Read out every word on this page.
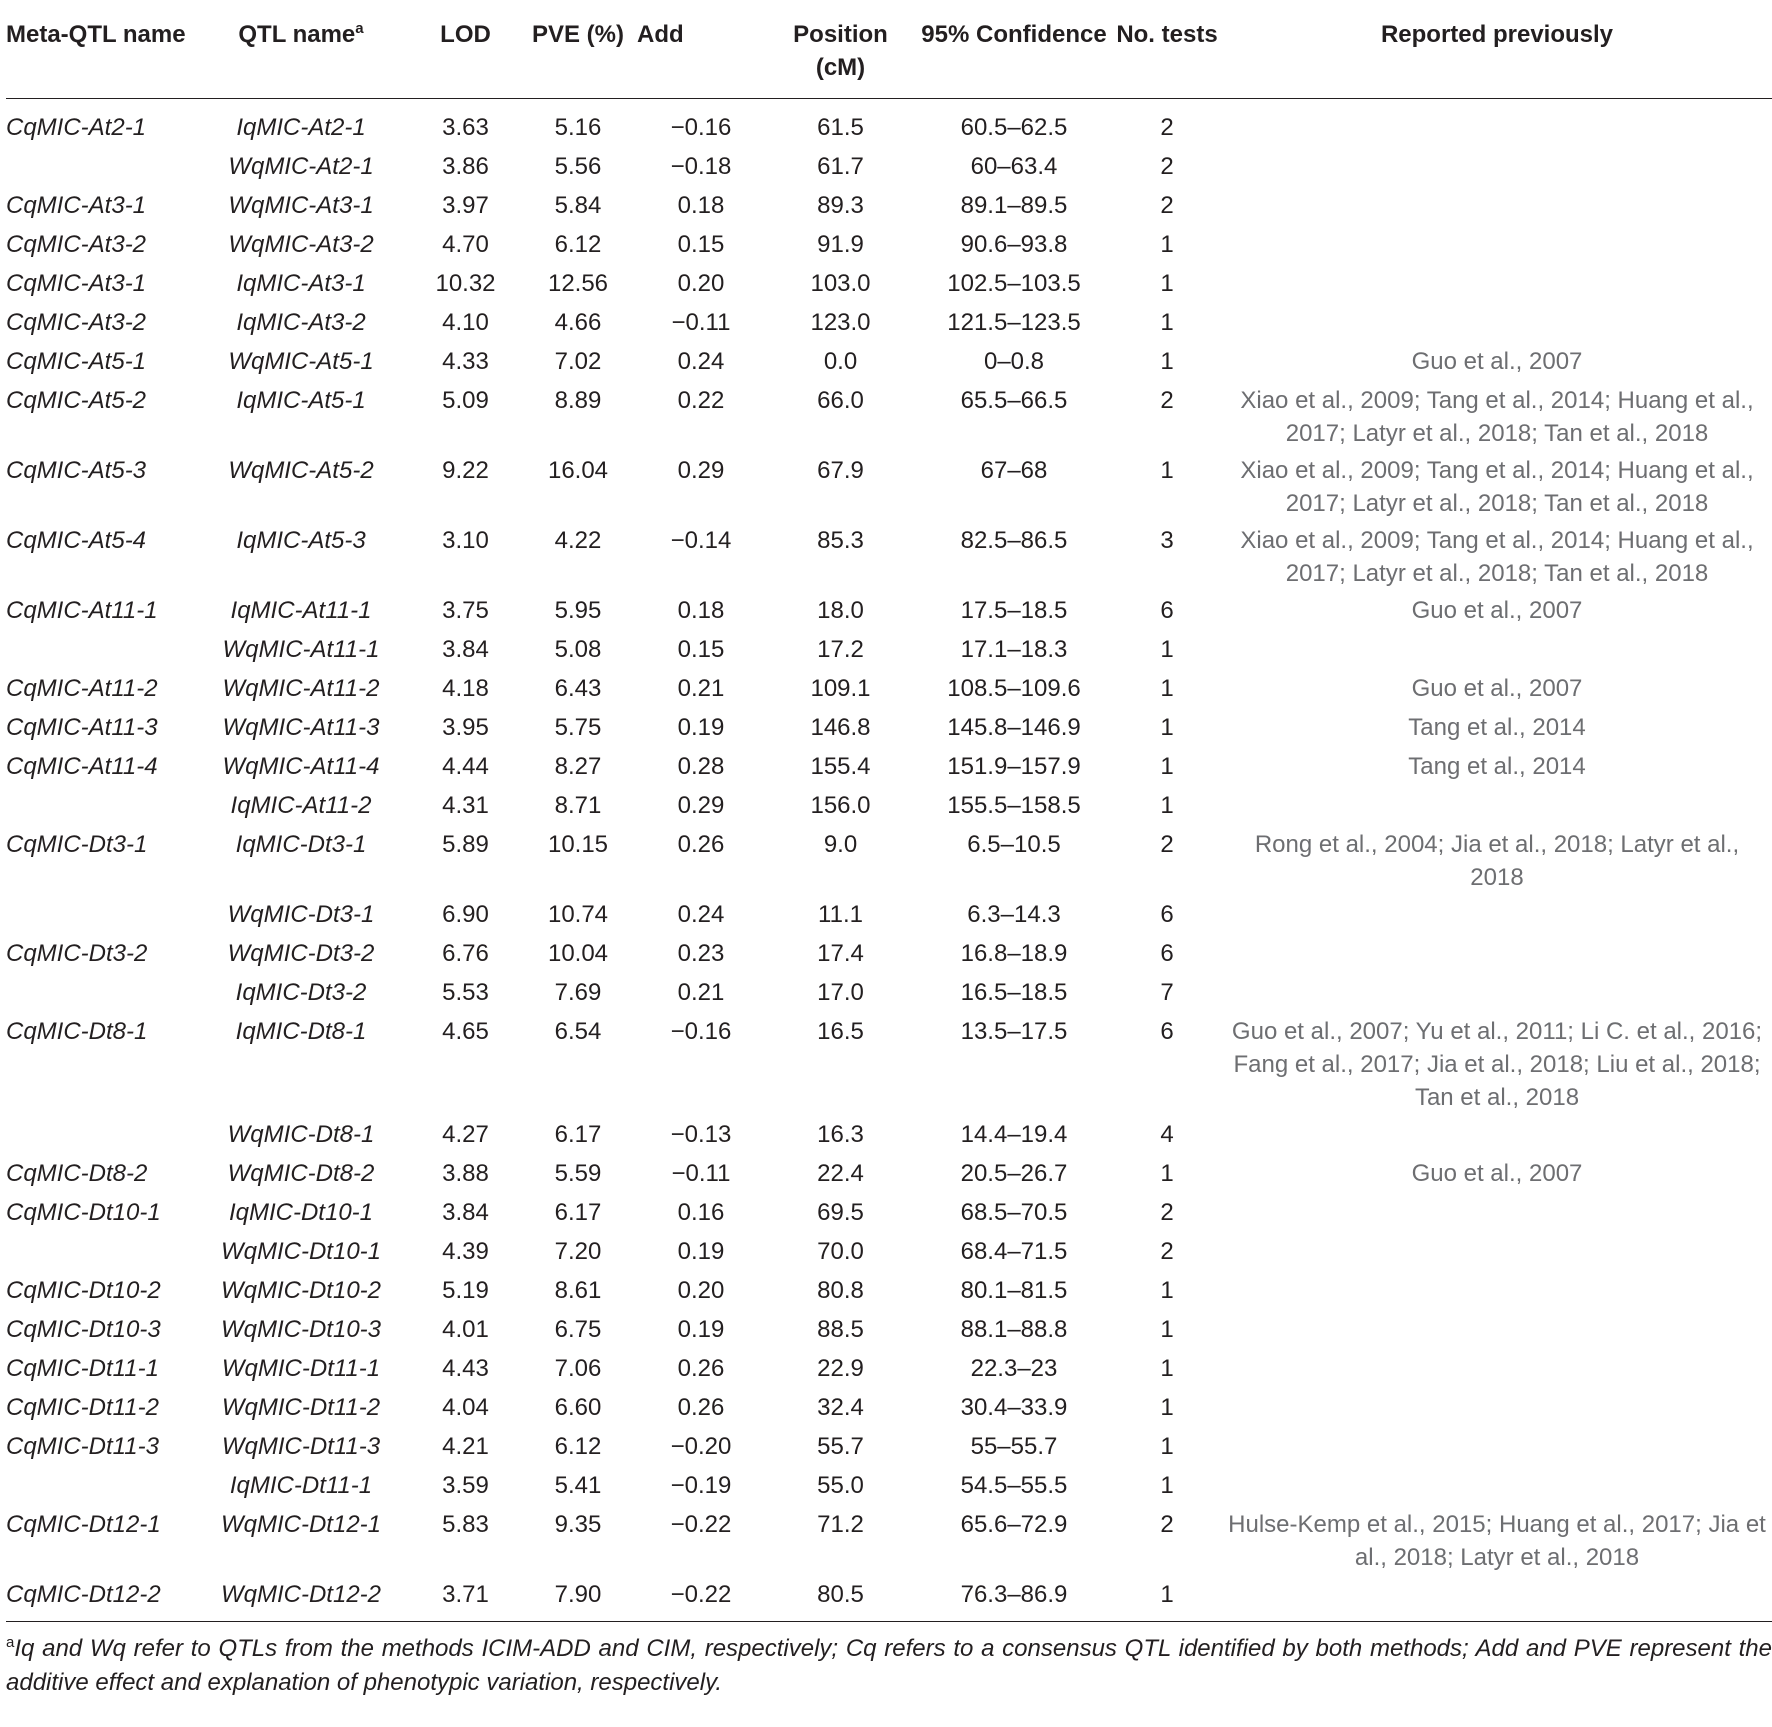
Meta-QTL name	QTL name$^a$	LOD	PVE (%)	Add	Position (cM)	95% Confidence	No. tests	Reported previously
CqMIC-At2-1	IqMIC-At2-1	3.63	5.16	−0.16	61.5	60.5–62.5	2	
	WqMIC-At2-1	3.86	5.56	−0.18	61.7	60–63.4	2	
CqMIC-At3-1	WqMIC-At3-1	3.97	5.84	0.18	89.3	89.1–89.5	2	
CqMIC-At3-2	WqMIC-At3-2	4.70	6.12	0.15	91.9	90.6–93.8	1	
CqMIC-At3-1	IqMIC-At3-1	10.32	12.56	0.20	103.0	102.5–103.5	1	
CqMIC-At3-2	IqMIC-At3-2	4.10	4.66	−0.11	123.0	121.5–123.5	1	
CqMIC-At5-1	WqMIC-At5-1	4.33	7.02	0.24	0.0	0–0.8	1	Guo et al., 2007
CqMIC-At5-2	IqMIC-At5-1	5.09	8.89	0.22	66.0	65.5–66.5	2	Xiao et al., 2009; Tang et al., 2014; Huang et al., 2017; Latyr et al., 2018; Tan et al., 2018
CqMIC-At5-3	WqMIC-At5-2	9.22	16.04	0.29	67.9	67–68	1	Xiao et al., 2009; Tang et al., 2014; Huang et al., 2017; Latyr et al., 2018; Tan et al., 2018
CqMIC-At5-4	IqMIC-At5-3	3.10	4.22	−0.14	85.3	82.5–86.5	3	Xiao et al., 2009; Tang et al., 2014; Huang et al., 2017; Latyr et al., 2018; Tan et al., 2018
CqMIC-At11-1	IqMIC-At11-1	3.75	5.95	0.18	18.0	17.5–18.5	6	Guo et al., 2007
	WqMIC-At11-1	3.84	5.08	0.15	17.2	17.1–18.3	1	
CqMIC-At11-2	WqMIC-At11-2	4.18	6.43	0.21	109.1	108.5–109.6	1	Guo et al., 2007
CqMIC-At11-3	WqMIC-At11-3	3.95	5.75	0.19	146.8	145.8–146.9	1	Tang et al., 2014
CqMIC-At11-4	WqMIC-At11-4	4.44	8.27	0.28	155.4	151.9–157.9	1	Tang et al., 2014
	IqMIC-At11-2	4.31	8.71	0.29	156.0	155.5–158.5	1	
CqMIC-Dt3-1	IqMIC-Dt3-1	5.89	10.15	0.26	9.0	6.5–10.5	2	Rong et al., 2004; Jia et al., 2018; Latyr et al., 2018
	WqMIC-Dt3-1	6.90	10.74	0.24	11.1	6.3–14.3	6	
CqMIC-Dt3-2	WqMIC-Dt3-2	6.76	10.04	0.23	17.4	16.8–18.9	6	
	IqMIC-Dt3-2	5.53	7.69	0.21	17.0	16.5–18.5	7	
CqMIC-Dt8-1	IqMIC-Dt8-1	4.65	6.54	−0.16	16.5	13.5–17.5	6	Guo et al., 2007; Yu et al., 2011; Li C. et al., 2016; Fang et al., 2017; Jia et al., 2018; Liu et al., 2018; Tan et al., 2018
	WqMIC-Dt8-1	4.27	6.17	−0.13	16.3	14.4–19.4	4	
CqMIC-Dt8-2	WqMIC-Dt8-2	3.88	5.59	−0.11	22.4	20.5–26.7	1	Guo et al., 2007
CqMIC-Dt10-1	IqMIC-Dt10-1	3.84	6.17	0.16	69.5	68.5–70.5	2	
	WqMIC-Dt10-1	4.39	7.20	0.19	70.0	68.4–71.5	2	
CqMIC-Dt10-2	WqMIC-Dt10-2	5.19	8.61	0.20	80.8	80.1–81.5	1	
CqMIC-Dt10-3	WqMIC-Dt10-3	4.01	6.75	0.19	88.5	88.1–88.8	1	
CqMIC-Dt11-1	WqMIC-Dt11-1	4.43	7.06	0.26	22.9	22.3–23	1	
CqMIC-Dt11-2	WqMIC-Dt11-2	4.04	6.60	0.26	32.4	30.4–33.9	1	
CqMIC-Dt11-3	WqMIC-Dt11-3	4.21	6.12	−0.20	55.7	55–55.7	1	
	IqMIC-Dt11-1	3.59	5.41	−0.19	55.0	54.5–55.5	1	
CqMIC-Dt12-1	WqMIC-Dt12-1	5.83	9.35	−0.22	71.2	65.6–72.9	2	Hulse-Kemp et al., 2015; Huang et al., 2017; Jia et al., 2018; Latyr et al., 2018
CqMIC-Dt12-2	WqMIC-Dt12-2	3.71	7.90	−0.22	80.5	76.3–86.9	1	
$^a$Iq and Wq refer to QTLs from the methods ICIM-ADD and CIM, respectively; Cq refers to a consensus QTL identified by both methods; Add and PVE represent the additive effect and explanation of phenotypic variation, respectively.
